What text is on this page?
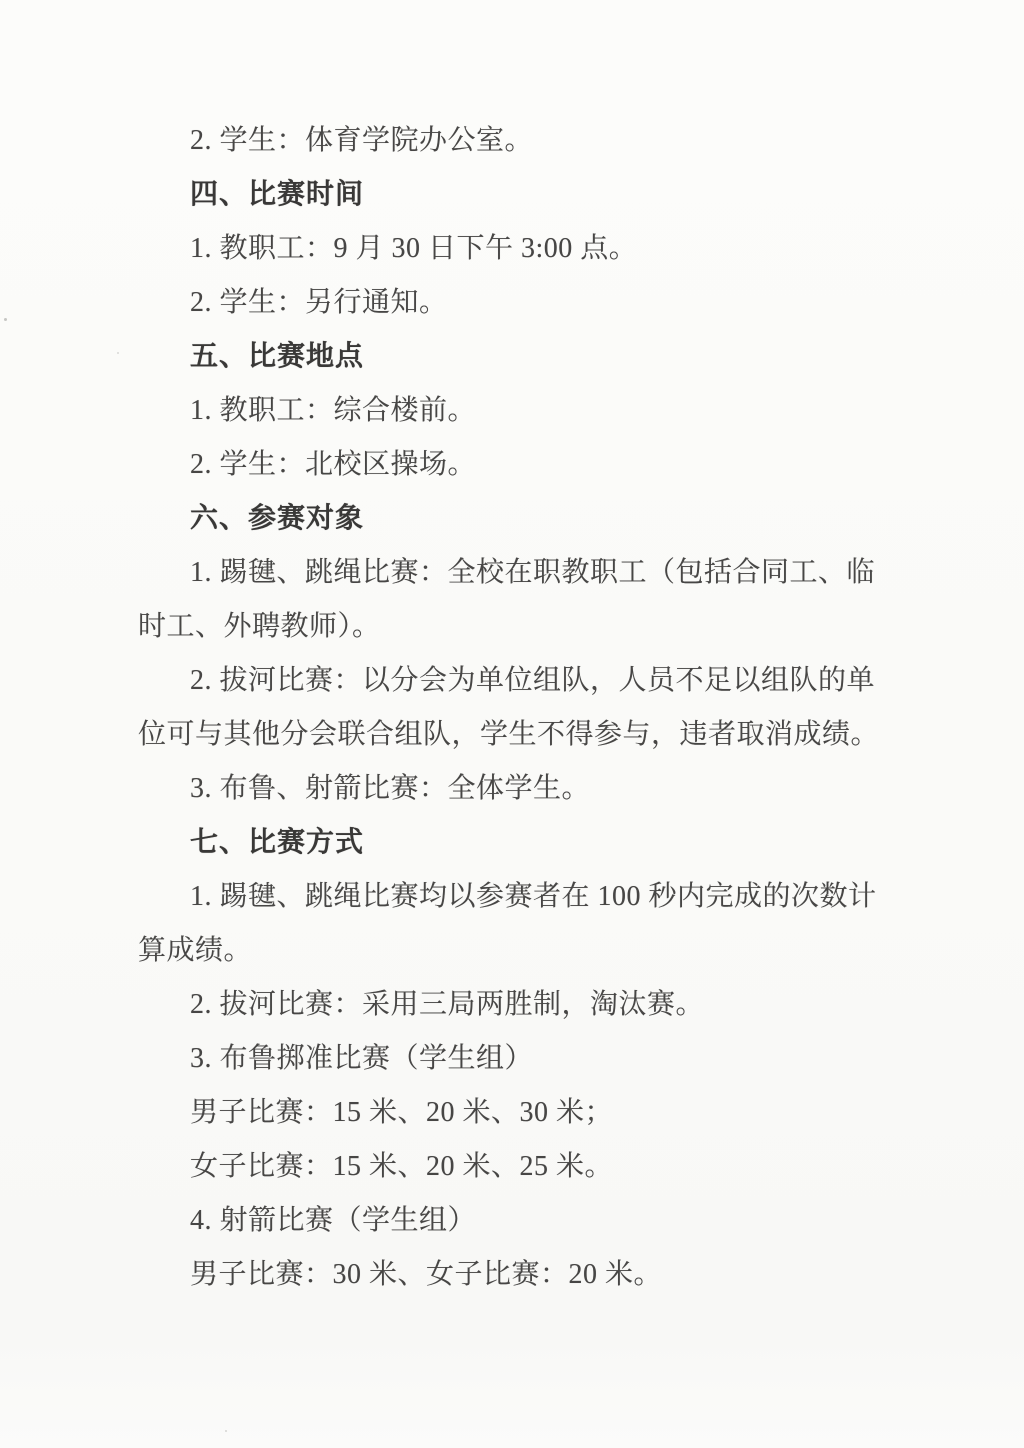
2. 学生：体育学院办公室。

四、比赛时间

1. 教职工：9 月 30 日下午 3:00 点。

2. 学生：另行通知。

五、比赛地点

1. 教职工：综合楼前。

2. 学生：北校区操场。

六、参赛对象

1. 踢毽、跳绳比赛：全校在职教职工（包括合同工、临

时工、外聘教师）。

2. 拔河比赛：以分会为单位组队，人员不足以组队的单

位可与其他分会联合组队，学生不得参与，违者取消成绩。

3. 布鲁、射箭比赛：全体学生。

七、比赛方式

1. 踢毽、跳绳比赛均以参赛者在 100 秒内完成的次数计

算成绩。

2. 拔河比赛：采用三局两胜制，淘汰赛。

3. 布鲁掷准比赛（学生组）

男子比赛：15 米、20 米、30 米；

女子比赛：15 米、20 米、25 米。

4. 射箭比赛（学生组）

男子比赛：30 米、女子比赛：20 米。
